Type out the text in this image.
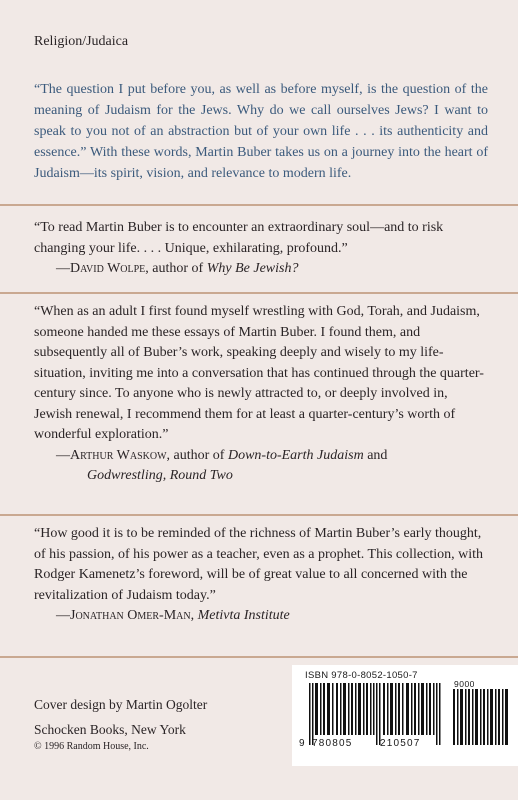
Religion/Judaica
“The question I put before you, as well as before myself, is the question of the meaning of Judaism for the Jews. Why do we call ourselves Jews? I want to speak to you not of an abstraction but of your own life . . . its authenticity and essence.” With these words, Martin Buber takes us on a journey into the heart of Judaism—its spirit, vision, and relevance to modern life.

“To read Martin Buber is to encounter an extraordinary soul—and to risk changing your life. . . . Unique, exhilarating, profound.”

—David Wolpe, author of Why Be Jewish?

“When as an adult I first found myself wrestling with God, Torah, and Judaism, someone handed me these essays of Martin Buber. I found them, and subsequently all of Buber’s work, speaking deeply and wisely to my life-situation, inviting me into a conversation that has continued through the quarter-century since. To anyone who is newly attracted to, or deeply involved in, Jewish renewal, I recommend them for at least a quarter-century’s worth of wonderful exploration.”

—Arthur Waskow, author of Down-to-Earth Judaism and

Godwrestling, Round Two

“How good it is to be reminded of the richness of Martin Buber’s early thought, of his passion, of his power as a teacher, even as a prophet. This collection, with Rodger Kamenetz’s foreword, will be of great value to all concerned with the revitalization of Judaism today.”

—Jonathan Omer-Man, Metivta Institute

Cover design by Martin Ogolter
Schocken Books, New York
© 1996 Random House, Inc.
ISBN 978-0-8052-1050-7
9 780805	210507
9000
